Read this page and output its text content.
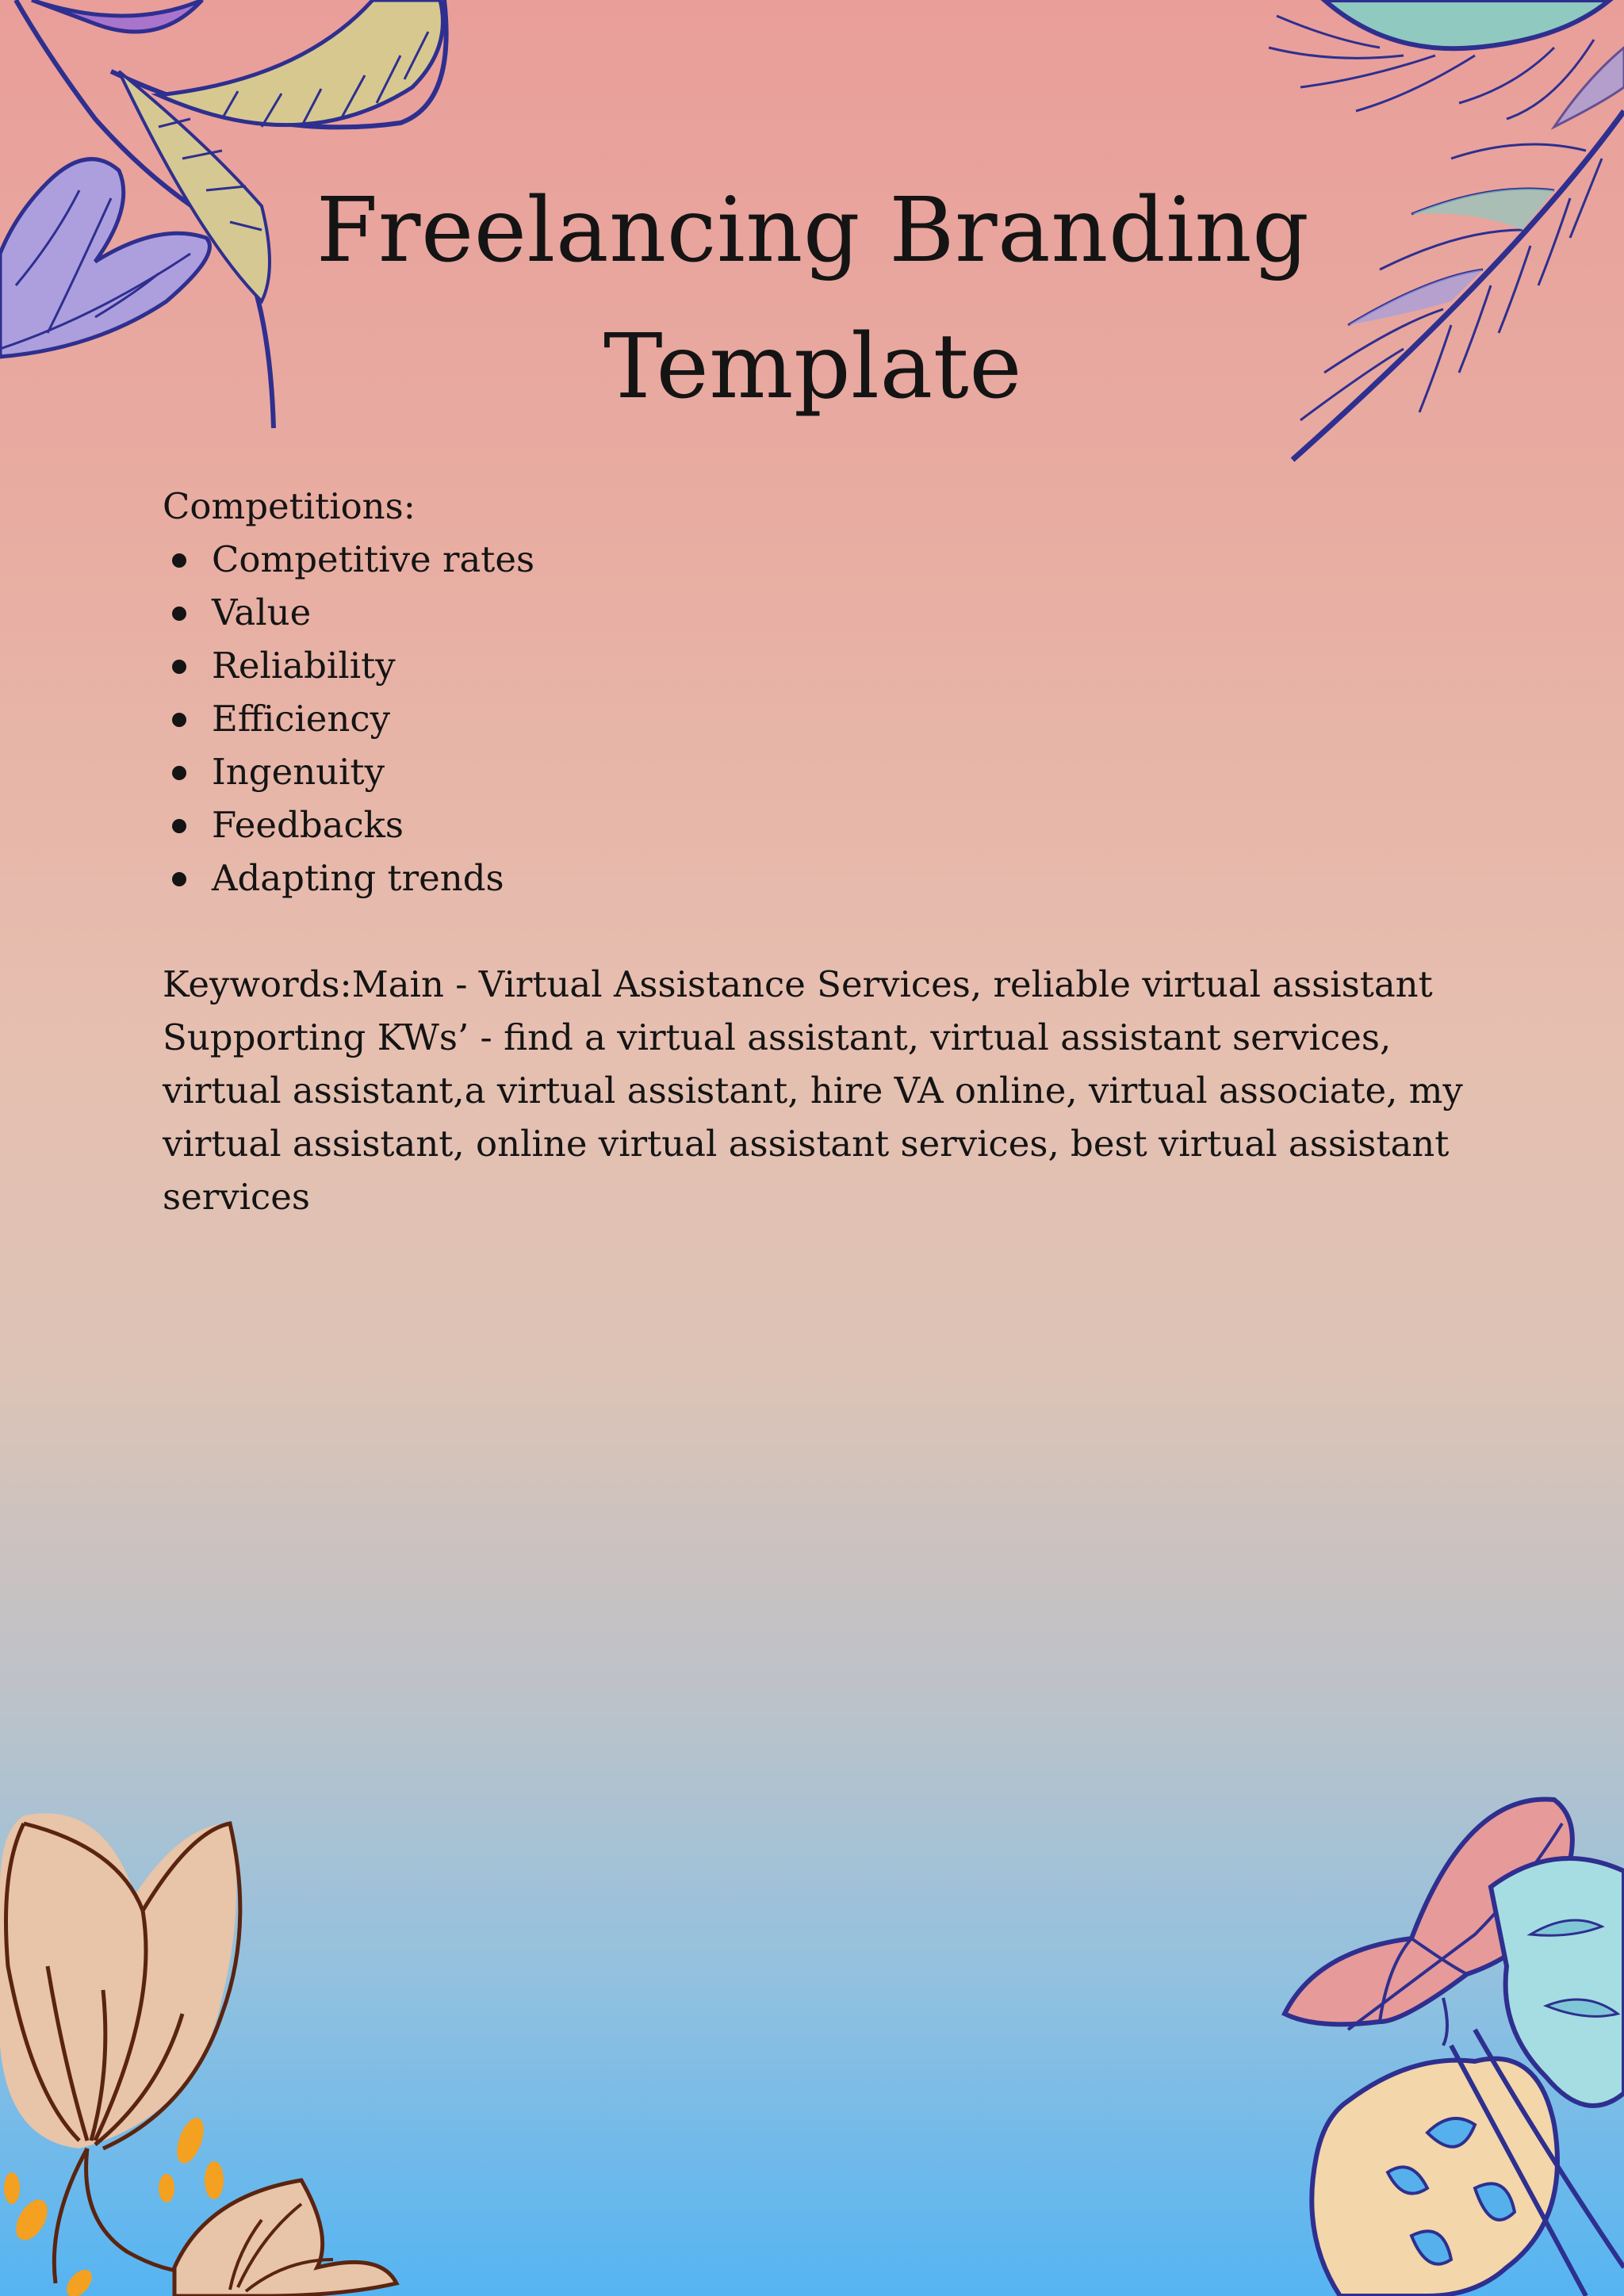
Freelancing Branding Template
Competitions:
Competitive rates
Value
Reliability
Efficiency
Ingenuity
Feedbacks
Adapting trends

Keywords:Main - Virtual Assistance Services, reliable virtual assistant

Supporting KWs’ - find a virtual assistant, virtual assistant services, virtual assistant,a virtual assistant, hire VA online, virtual associate, my virtual assistant, online virtual assistant services, best virtual assistant services
